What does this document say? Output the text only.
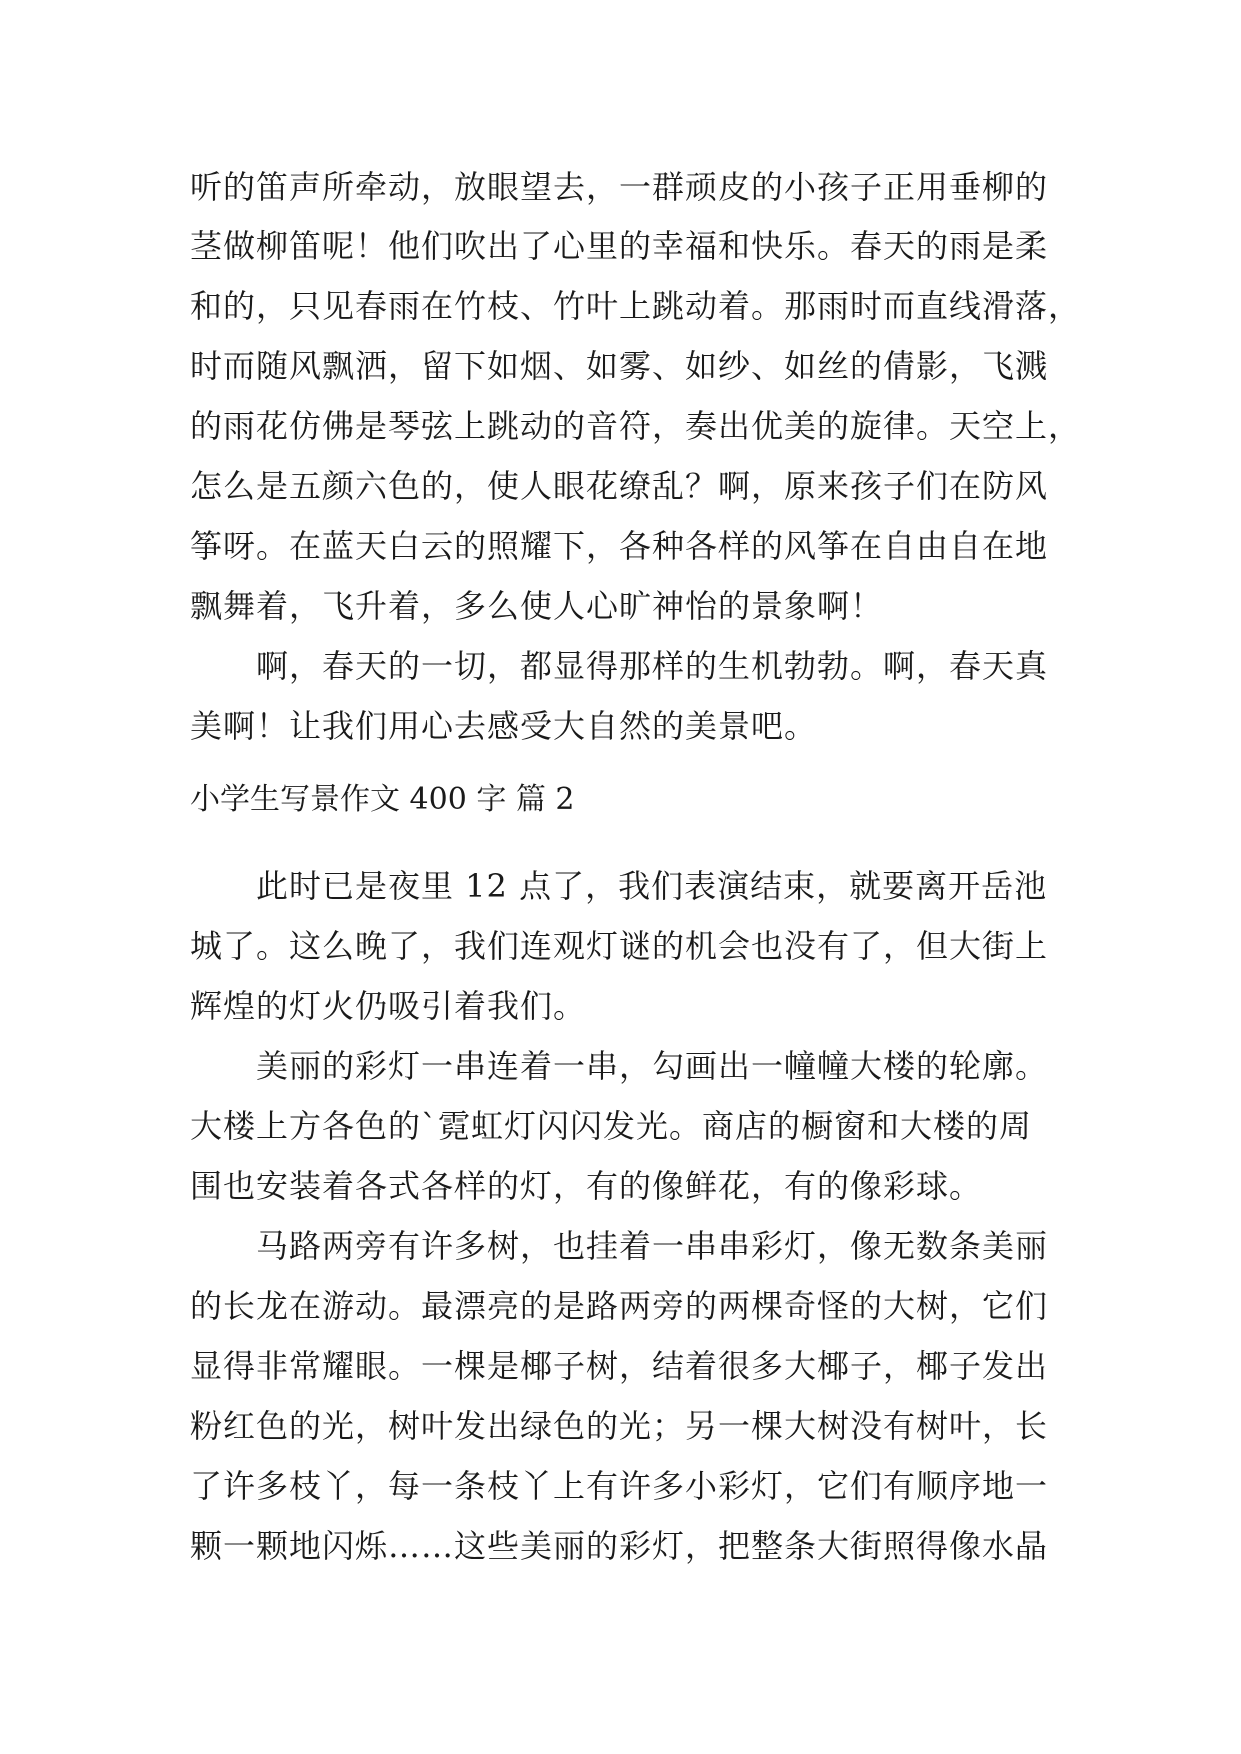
听的笛声所牵动，放眼望去，一群顽皮的小孩子正用垂柳的
茎做柳笛呢！他们吹出了心里的幸福和快乐。春天的雨是柔
和的，只见春雨在竹枝、竹叶上跳动着。那雨时而直线滑落，
时而随风飘洒，留下如烟、如雾、如纱、如丝的倩影，飞溅
的雨花仿佛是琴弦上跳动的音符，奏出优美的旋律。天空上，
怎么是五颜六色的，使人眼花缭乱？啊，原来孩子们在防风
筝呀。在蓝天白云的照耀下，各种各样的风筝在自由自在地
飘舞着，飞升着，多么使人心旷神怡的景象啊！
　　啊，春天的一切，都显得那样的生机勃勃。啊，春天真
美啊！让我们用心去感受大自然的美景吧。
小学生写景作文 400 字 篇 2
　　此时已是夜里 12 点了，我们表演结束，就要离开岳池
城了。这么晚了，我们连观灯谜的机会也没有了，但大街上
辉煌的灯火仍吸引着我们。
　　美丽的彩灯一串连着一串，勾画出一幢幢大楼的轮廓。
大楼上方各色的`霓虹灯闪闪发光。商店的橱窗和大楼的周
围也安装着各式各样的灯，有的像鲜花，有的像彩球。
　　马路两旁有许多树，也挂着一串串彩灯，像无数条美丽
的长龙在游动。最漂亮的是路两旁的两棵奇怪的大树，它们
显得非常耀眼。一棵是椰子树，结着很多大椰子，椰子发出
粉红色的光，树叶发出绿色的光；另一棵大树没有树叶，长
了许多枝丫，每一条枝丫上有许多小彩灯，它们有顺序地一
颗一颗地闪烁……这些美丽的彩灯，把整条大街照得像水晶
